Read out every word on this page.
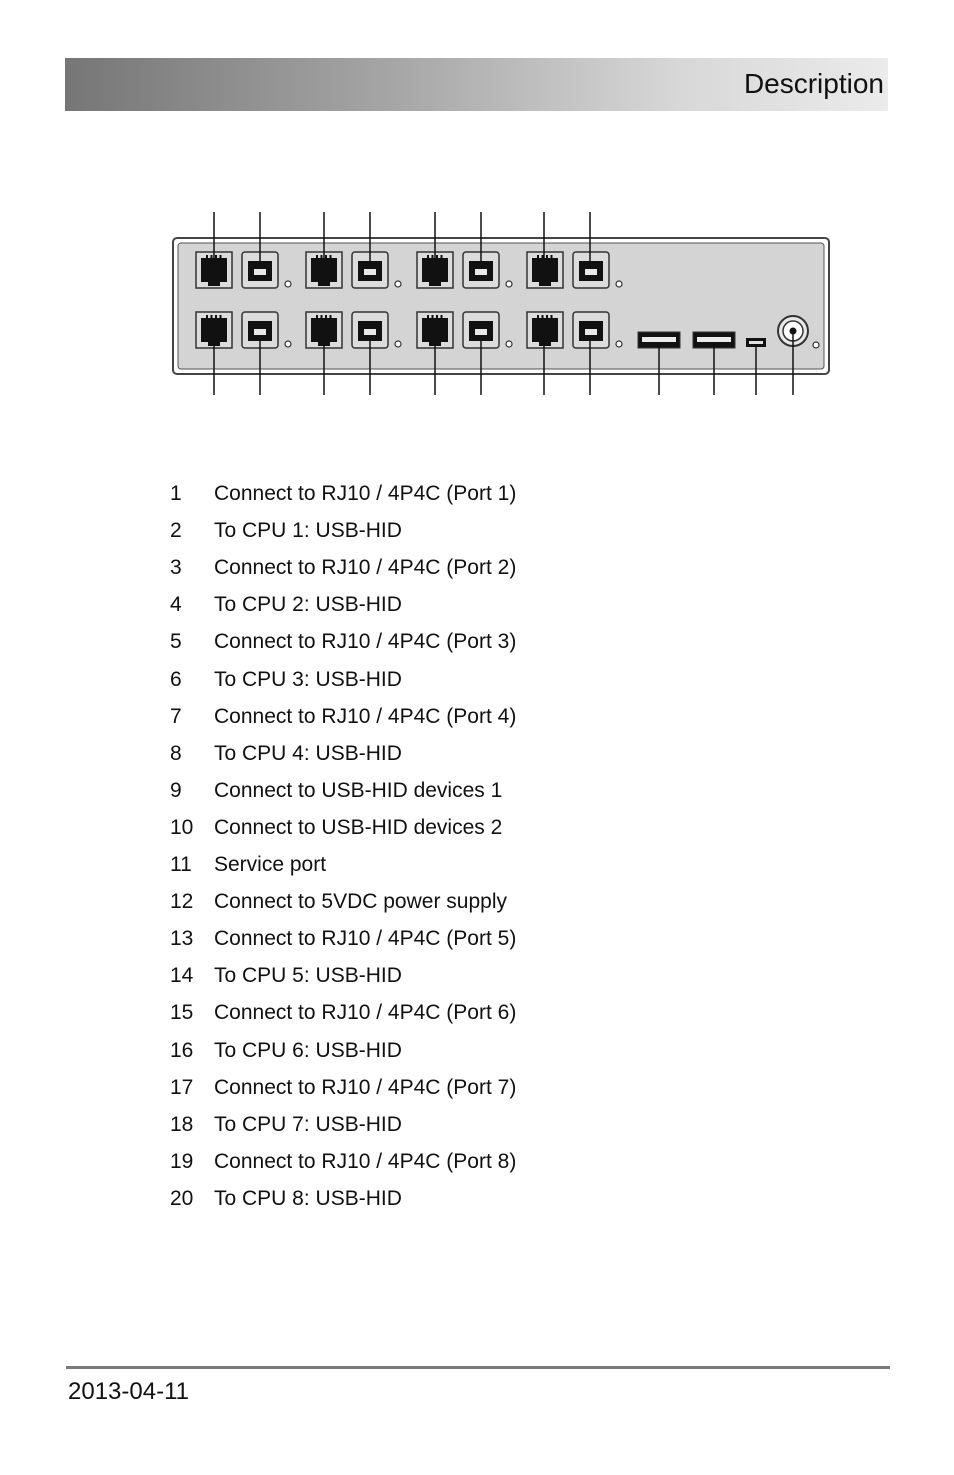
Description
1	Connect to RJ10 / 4P4C (Port 1)
2	To CPU 1: USB-HID
3	Connect to RJ10 / 4P4C (Port 2)
4	To CPU 2: USB-HID
5	Connect to RJ10 / 4P4C (Port 3)
6	To CPU 3: USB-HID
7	Connect to RJ10 / 4P4C (Port 4)
8	To CPU 4: USB-HID
9	Connect to USB-HID devices 1
10 Connect to USB-HID devices 2
11	Service port
12 Connect to 5VDC power supply
13 Connect to RJ10 / 4P4C (Port 5)
14 To CPU 5: USB-HID
15 Connect to RJ10 / 4P4C (Port 6)
16 To CPU 6: USB-HID
17 Connect to RJ10 / 4P4C (Port 7)
18 To CPU 7: USB-HID
19 Connect to RJ10 / 4P4C (Port 8)
20 To CPU 8: USB-HID
2013-04-11
